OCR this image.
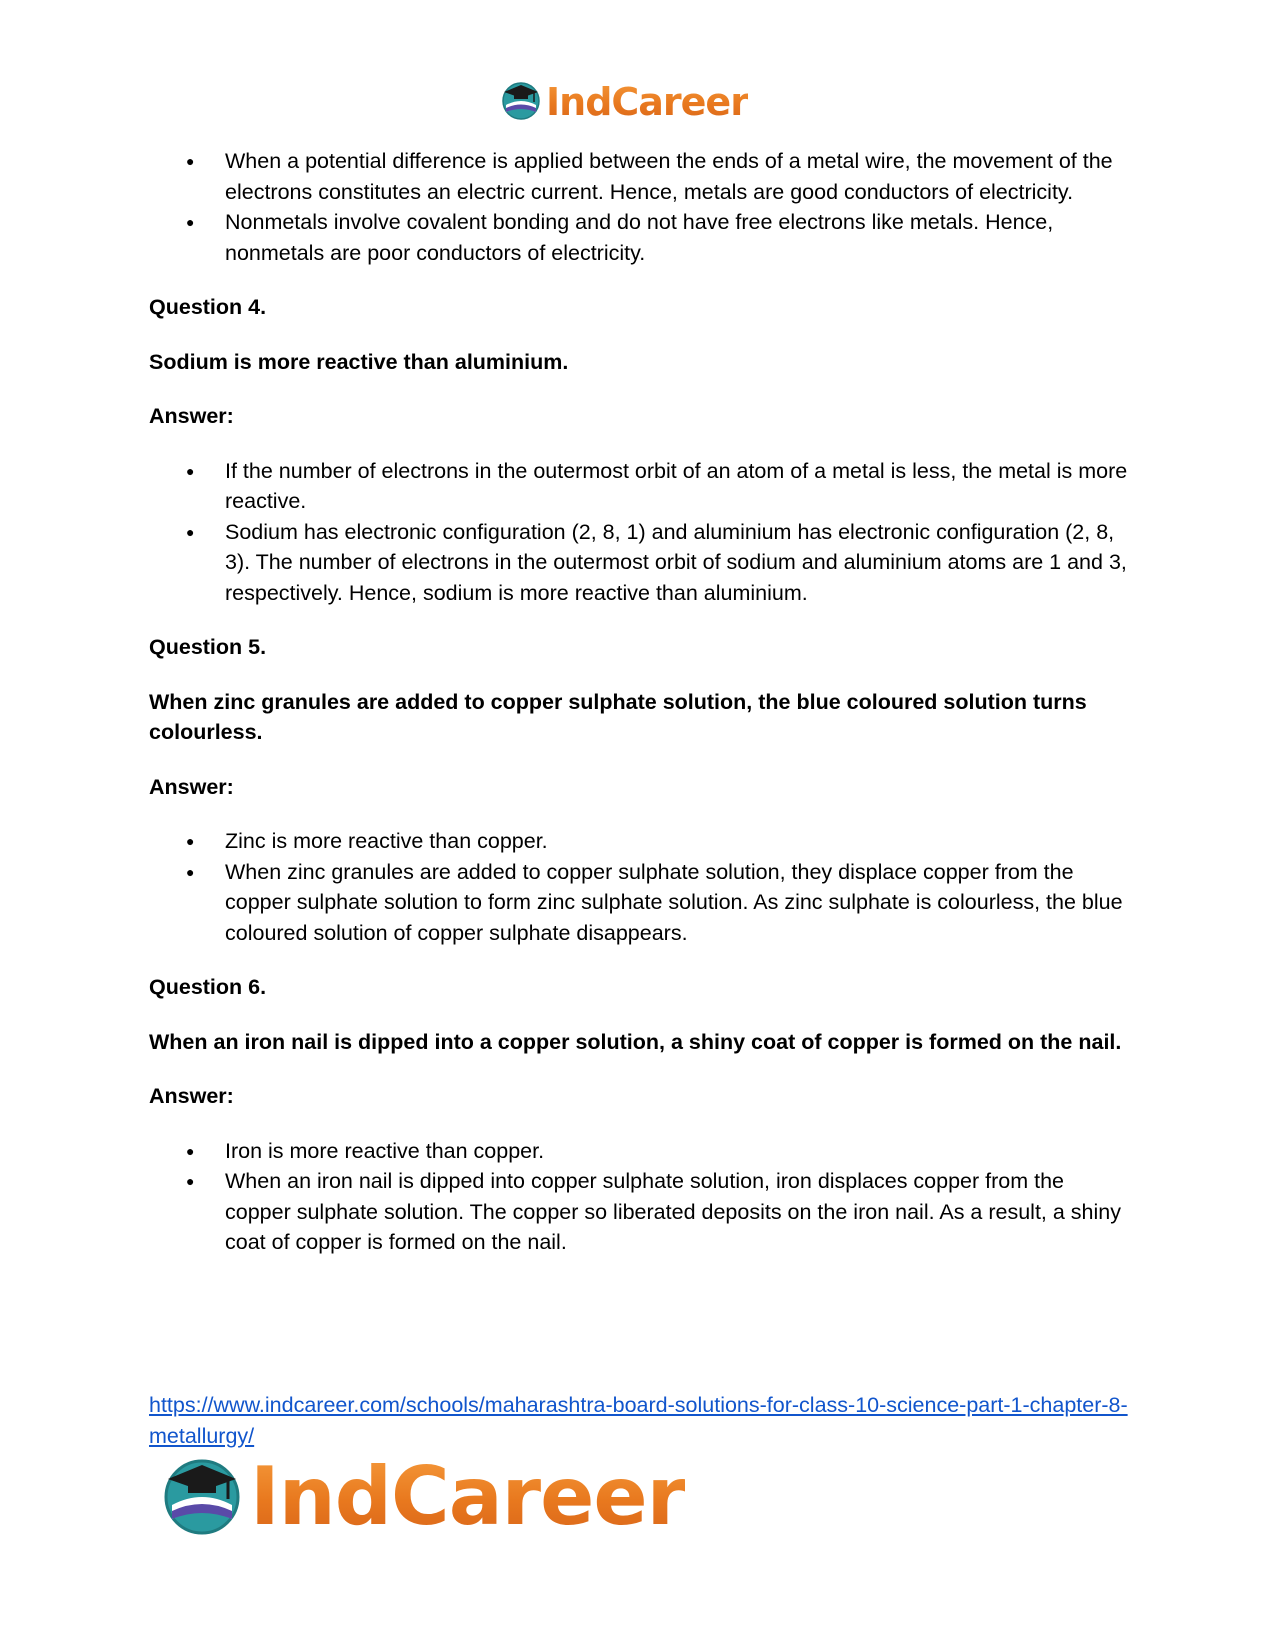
IndCareer
● When a potential difference is applied between the ends of a metal wire, the movement of the electrons constitutes an electric current. Hence, metals are good conductors of electricity.
● Nonmetals involve covalent bonding and do not have free electrons like metals. Hence, nonmetals are poor conductors of electricity.

Question 4.

Sodium is more reactive than aluminium.

Answer:

● If the number of electrons in the outermost orbit of an atom of a metal is less, the metal is more reactive.
● Sodium has electronic configuration (2, 8, 1) and aluminium has electronic configuration (2, 8, 3). The number of electrons in the outermost orbit of sodium and aluminium atoms are 1 and 3, respectively. Hence, sodium is more reactive than aluminium.

Question 5.

When zinc granules are added to copper sulphate solution, the blue coloured solution turns colourless.

Answer:

● Zinc is more reactive than copper.
● When zinc granules are added to copper sulphate solution, they displace copper from the copper sulphate solution to form zinc sulphate solution. As zinc sulphate is colourless, the blue coloured solution of copper sulphate disappears.

Question 6.

When an iron nail is dipped into a copper solution, a shiny coat of copper is formed on the nail.

Answer:

● Iron is more reactive than copper.
● When an iron nail is dipped into copper sulphate solution, iron displaces copper from the copper sulphate solution. The copper so liberated deposits on the iron nail. As a result, a shiny coat of copper is formed on the nail.
https://www.indcareer.com/schools/maharashtra-board-solutions-for-class-10-science-part-1-chapter-8-metallurgy/
IndCareer
